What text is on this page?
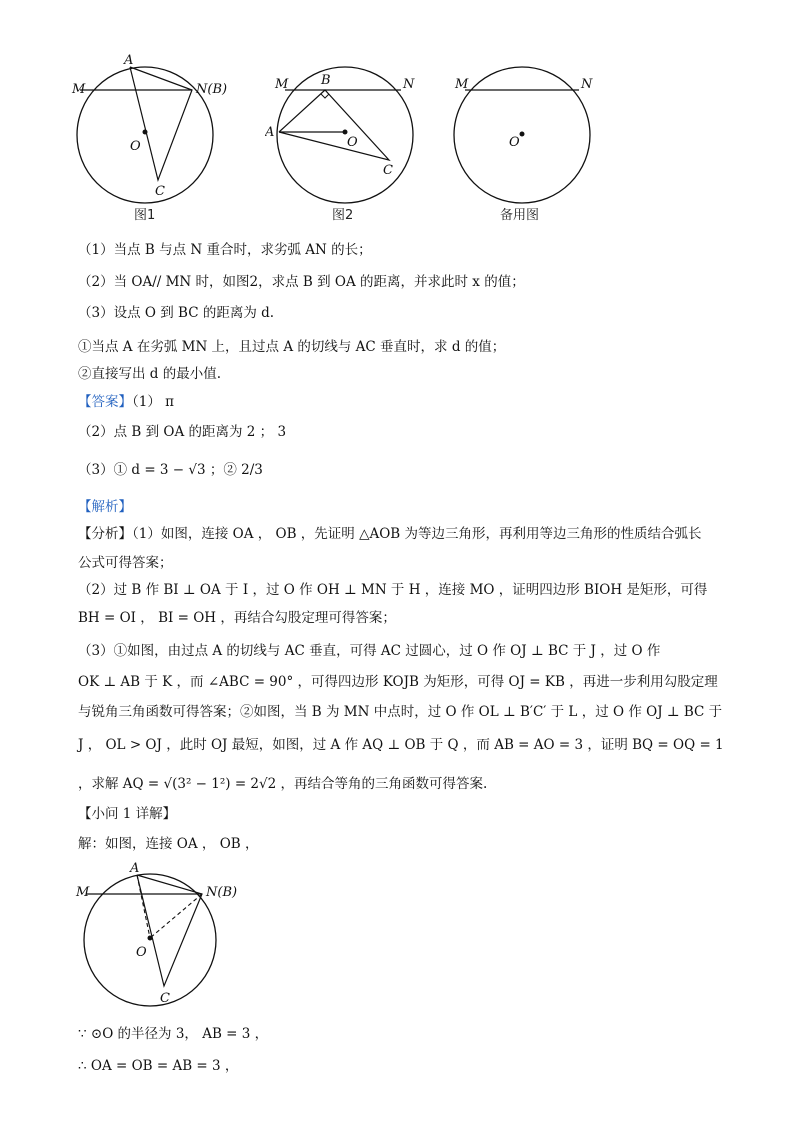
M
A
N(B)
O
C
图1
M	B	N
A
O
C
图2
M	N
O
备用图
（1）当点 B 与点 N 重合时，求劣弧 AN 的长；
（2）当 OA// MN 时，如图2，求点 B 到 OA 的距离，并求此时 x 的值；
（3）设点 O 到 BC 的距离为 d.
①当点 A 在劣弧 MN 上，且过点 A 的切线与 AC 垂直时，求 d 的值；
②直接写出 d 的最小值.
【答案】（1） π
（2）点 B 到 OA 的距离为 2 ； 3
（3）① d = 3 − √3 ；② 2/3
【解析】
【分析】（1）如图，连接 OA ， OB ，先证明 △AOB 为等边三角形，再利用等边三角形的性质结合弧长
公式可得答案；
（2）过 B 作 BI ⊥ OA 于 I ，过 O 作 OH ⊥ MN 于 H ，连接 MO ，证明四边形 BIOH 是矩形，可得
BH = OI ， BI = OH ，再结合勾股定理可得答案；
（3）①如图，由过点 A 的切线与 AC 垂直，可得 AC 过圆心，过 O 作 OJ ⊥ BC 于 J ，过 O 作
OK ⊥ AB 于 K ，而 ∠ABC = 90° ，可得四边形 KOJB 为矩形，可得 OJ = KB ，再进一步利用勾股定理
与锐角三角函数可得答案；②如图，当 B 为 MN 中点时，过 O 作 OL ⊥ B′C′ 于 L ，过 O 作 OJ ⊥ BC 于
J ， OL > OJ ，此时 OJ 最短，如图，过 A 作 AQ ⊥ OB 于 Q ，而 AB = AO = 3 ，证明 BQ = OQ = 1
，求解 AQ = √(3² − 1²) = 2√2 ，再结合等角的三角函数可得答案.
【小问 1 详解】
解：如图，连接 OA ， OB ，
M
A
N(B)
O
C
∵ ⊙O 的半径为 3， AB = 3 ，
∴ OA = OB = AB = 3 ，
